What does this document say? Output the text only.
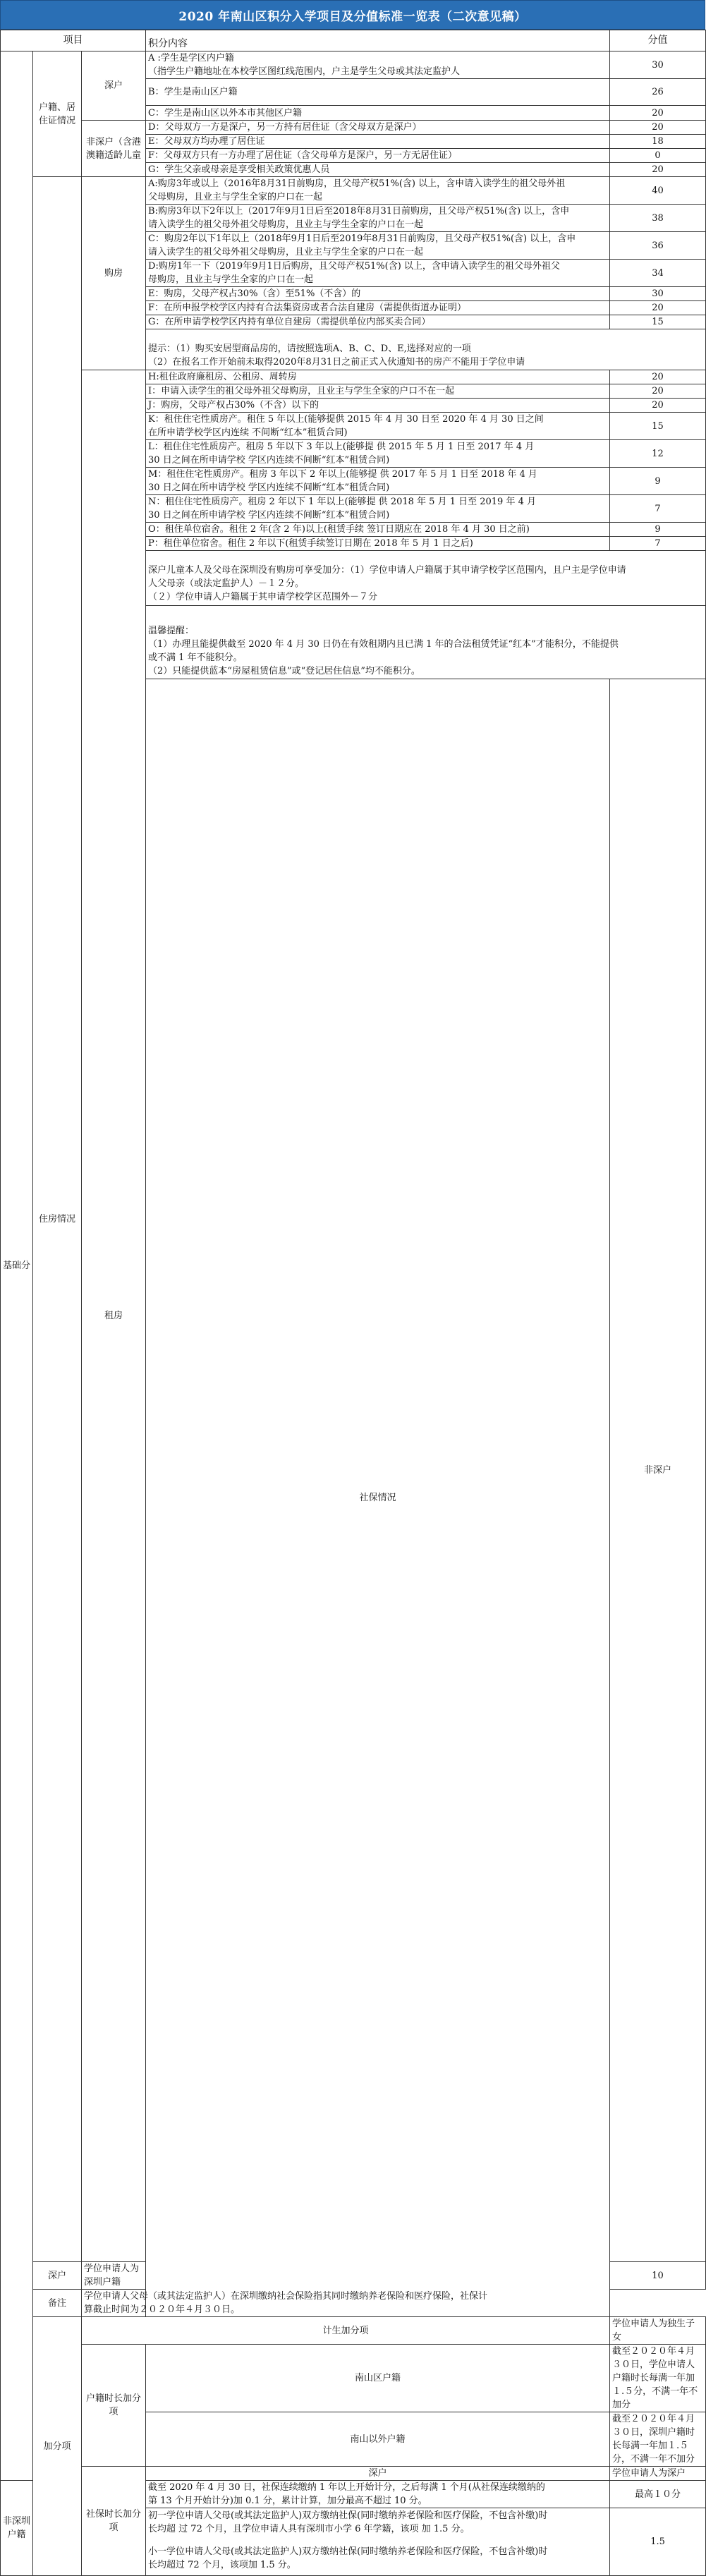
2020 年南山区积分入学项目及分值标准一览表（二次意见稿）
项目			积分内容	分值	

基础分	户籍、居住证情况	深户	A :学生是学区内户籍
（指学生户籍地址在本校学区图红线范围内，户主是学生父母或其法定监护人	30	
			B：学生是南山区户籍	26	
			C：学生是南山区以外本市其他区户籍	20	

		非深户（含港澳籍适龄儿童	D：父母双方一方是深户，另一方持有居住证（含父母双方是深户）	20	
			E：父母双方均办理了居住证	18	
			F：父母双方只有一方办理了居住证（含父母单方是深户，另一方无居住证）	0	
			G：学生父亲或母亲是享受相关政策优惠人员	20	

	住房情况	购房	A:购房3年或以上（2016年8月31日前购房，且父母产权51%(含) 以上，含申请入读学生的祖父母外祖
父母购房，且业主与学生全家的户口在一起	40	

			B:购房3年以下2年以上（2017年9月1日后至2018年8月31日前购房，且父母产权51%(含) 以上，含申
请入读学生的祖父母外祖父母购房，且业主与学生全家的户口在一起	38	

			C：购房2年以下1年以上（2018年9月1日后至2019年8月31日前购房，且父母产权51%(含) 以上，含申
请入读学生的祖父母外祖父母购房，且业主与学生全家的户口在一起	36	

			D:购房1年一下（2019年9月1日后购房，且父母产权51%(含) 以上，含申请入读学生的祖父母外祖父
母购房，且业主与学生全家的户口在一起	34	
			E：购房，父母产权占30%（含）至51%（不含）的	30	
			F：在所申报学校学区内持有合法集资房或者合法自建房（需提供街道办证明）	20	
			G：在所申请学校学区内持有单位自建房（需提供单位内部买卖合同）	15	

			提示：（1）购买安居型商品房的，请按照选项A、B、C、D、E,选择对应的一项
（2）在报名工作开始前未取得2020年8月31日之前正式入伙通知书的房产不能用于学位申请		

		租房	H:租住政府廉租房、公租房、周转房	20	
			I：申请入读学生的祖父母外祖父母购房，且业主与学生全家的户口不在一起	20	
			J：购房，父母产权占30%（不含）以下的	20	

			K：租住住宅性质房产。租住 5 年以上(能够提供 2015 年 4 月 30 日至 2020 年 4 月 30 日之间
在所申请学校学区内连续 不间断“红本”租赁合同)	15	

			L：租住住宅性质房产。租房 5 年以下 3 年以上(能够提 供 2015 年 5 月 1 日至 2017 年 4 月
30 日之间在所申请学校 学区内连续不间断“红本”租赁合同)	12	

			M：租住住宅性质房产。租房 3 年以下 2 年以上(能够提 供 2017 年 5 月 1 日至 2018 年 4 月
30 日之间在所申请学校 学区内连续不间断“红本”租赁合同)	9	

			N：租住住宅性质房产。租房 2 年以下 1 年以上(能够提 供 2018 年 5 月 1 日至 2019 年 4 月
30 日之间在所申请学校 学区内连续不间断“红本”租赁合同)	7	
			O：租住单位宿舍。租住 2 年(含 2 年)以上(租赁手续 签订日期应在 2018 年 4 月 30 日之前)	9	
			P：租住单位宿舍。租住 2 年以下(租赁手续签订日期在 2018 年 5 月 1 日之后)	7	

			深户儿童本人及父母在深圳没有购房可享受加分：（1）学位申请人户籍属于其申请学校学区范围内，且户主是学位申请
人父母亲（或法定监护人）－１２分。
（２）学位申请人户籍属于其申请学校学区范围外－７分		

			温馨提醒：
（1）办理且能提供截至 2020 年 4 月 30 日仍在有效租期内且已满 1 年的合法租赁凭证“红本”才能积分，不能提供
或不满 1 年不能积分。
（2）只能提供蓝本“房屋租赁信息”或“登记居住信息”均不能积分。		

			社保情况	非深户

	深户	学位申请人为深圳户籍		10	
	备注	学位申请人父母（或其法定监护人）在深圳缴纳社会保险指其同时缴纳养老保险和医疗保险，社保计
算截止时间为２０２０年４月３０日。			

	加分项	计生加分项		学位申请人为独生子女	

		户籍时长加分项	南山区户籍	截至２０２０年４月３０日，学位申请人户籍时长每满一年加１.５分，不满一年不加分	
			南山以外户籍	截至２０２０年４月３０日，深圳户籍时长每满一年加１.５分，不满一年不加分	

		社保时长加分项	深户	学位申请人为深户	

非深圳户籍			截至 2020 年 4 月 30 日，社保连续缴纳 1 年以上开始计分，之后每满 1 个月(从社保连续缴纳的
第 13 个月开始计分)加 0.1 分，累计计算，加分最高不超过 10 分。	最高１０分	

			初一学位申请人父母(或其法定监护人)双方缴纳社保(同时缴纳养老保险和医疗保险，不包含补缴)时
长均超 过 72 个月，且学位申请人具有深圳市小学 6 年学籍，该项 加 1.5 分。	1.5	

			小一学位申请人父母(或其法定监护人)双方缴纳社保(同时缴纳养老保险和医疗保险，不包含补缴)时
长均超过 72 个月，该项加 1.5 分。		
